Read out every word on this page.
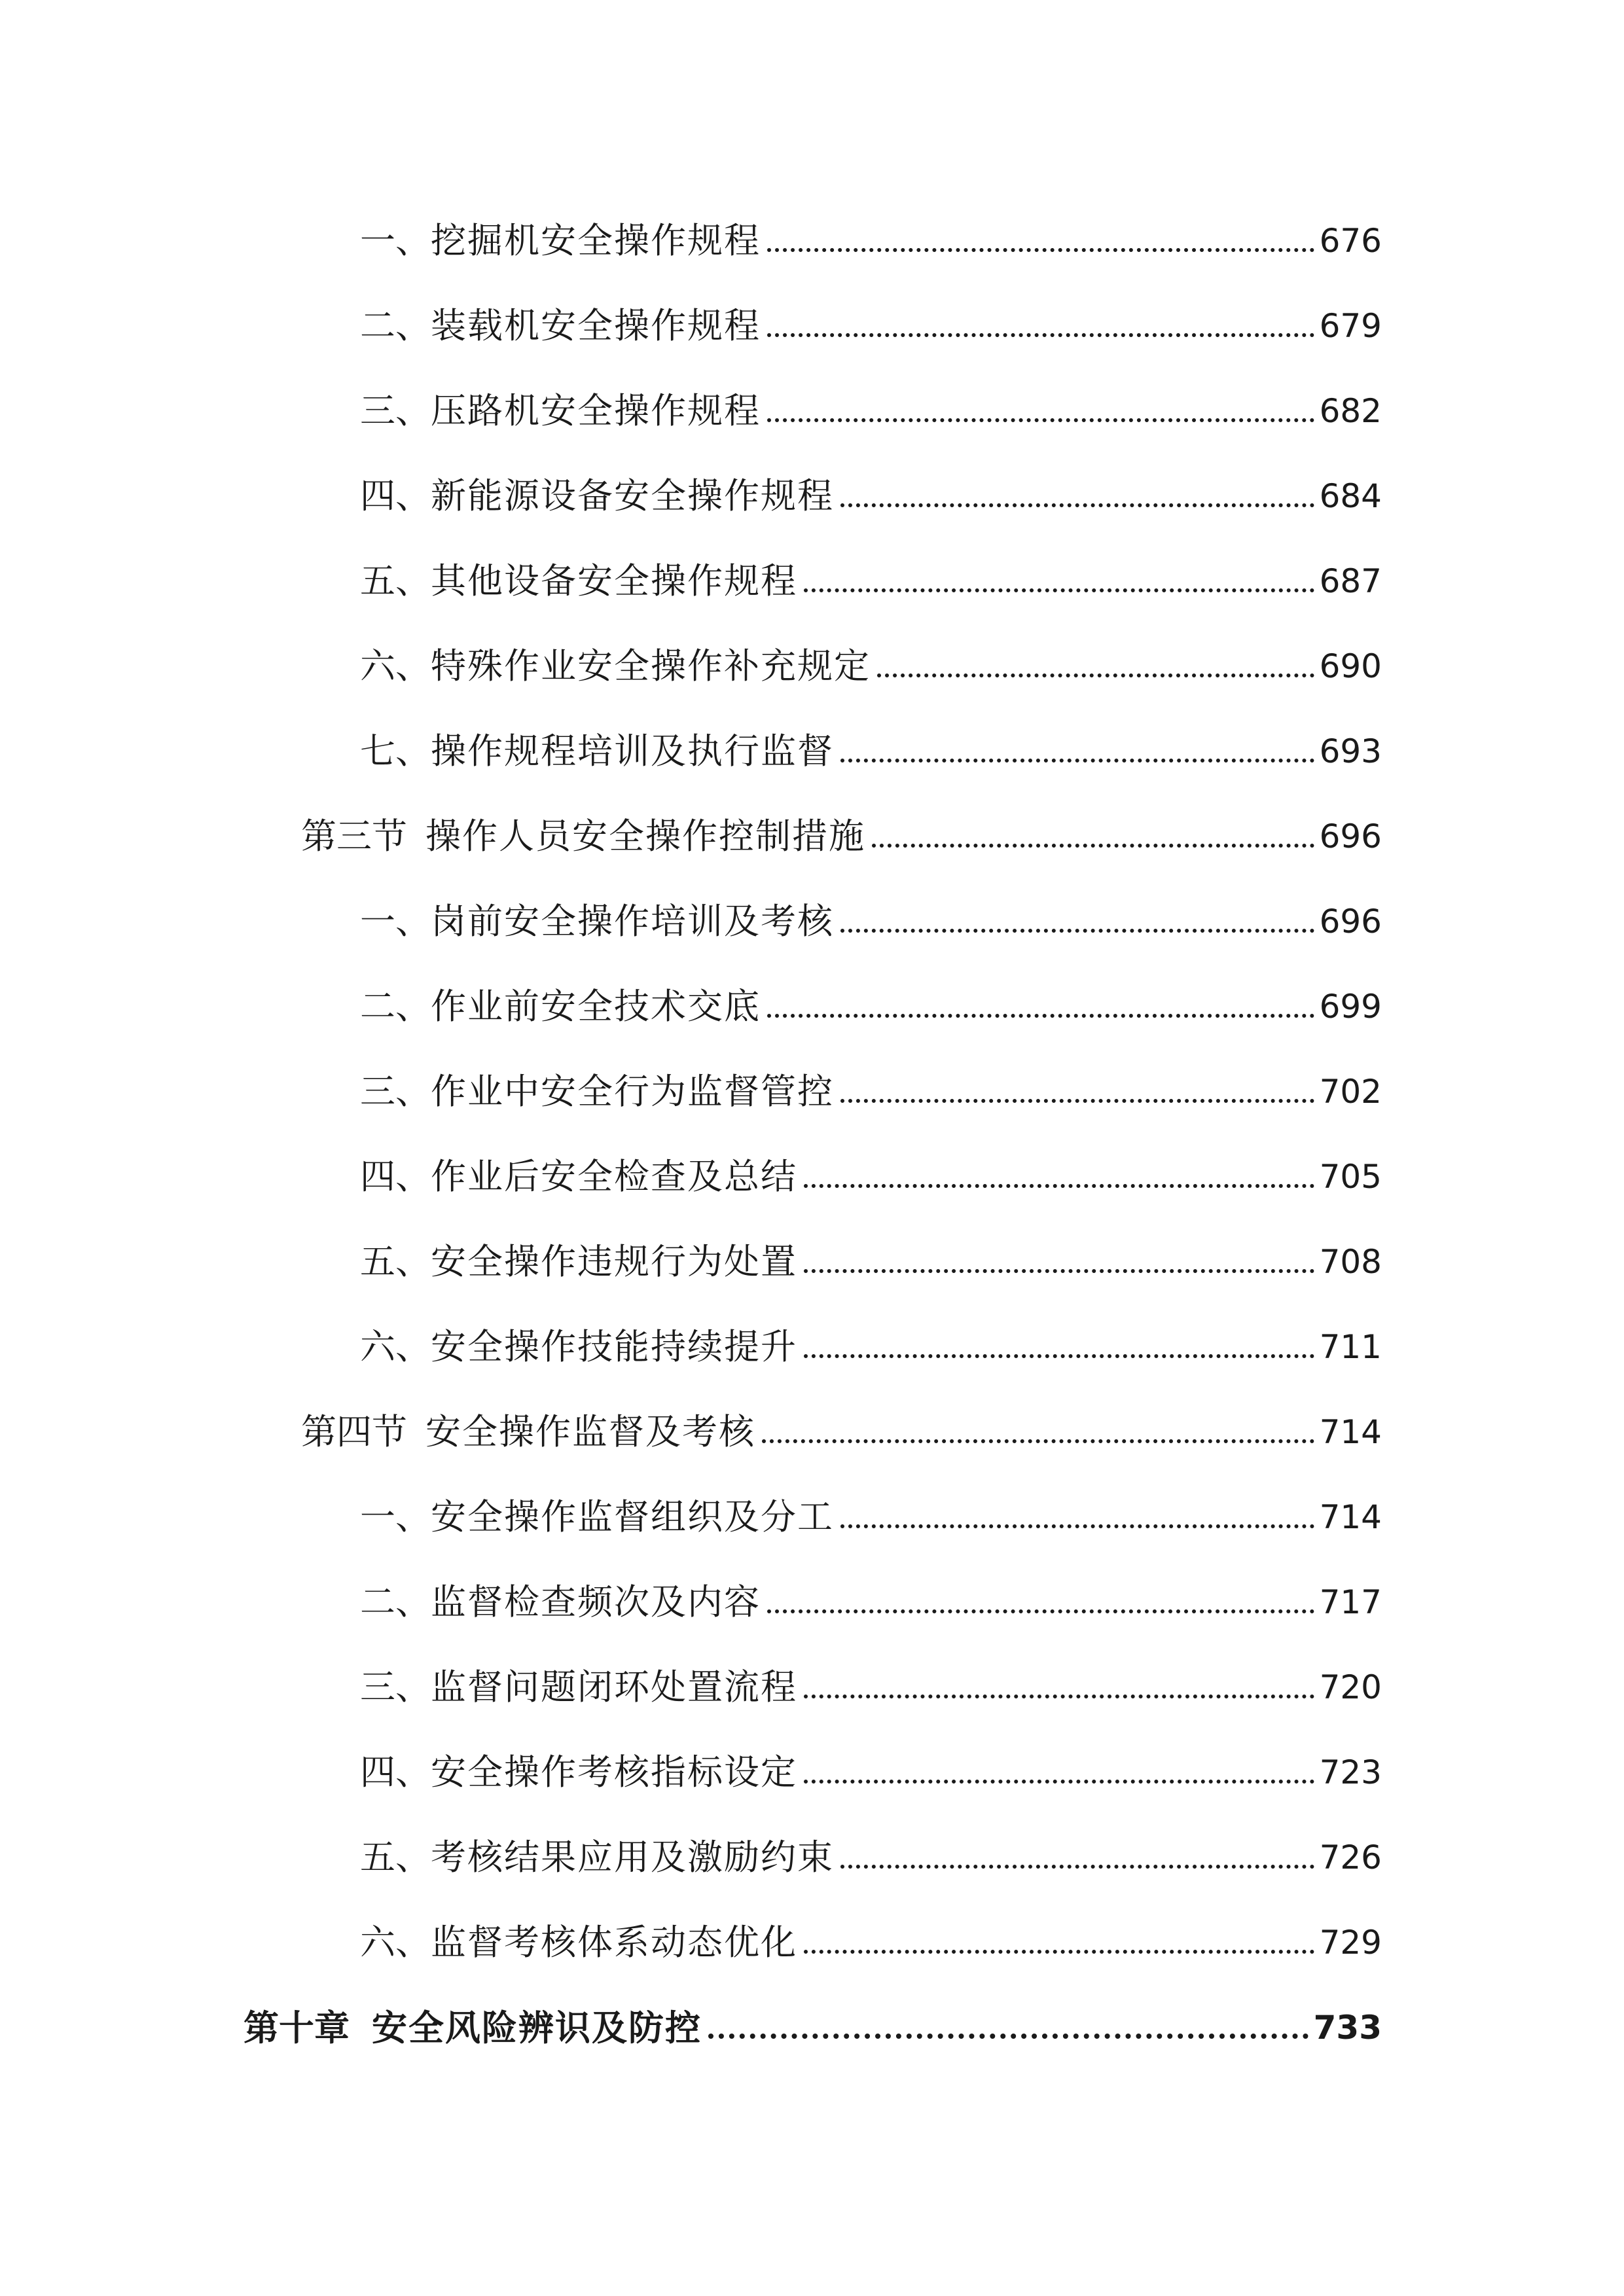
一、 挖掘机安全操作规程	676
二、 装载机安全操作规程	679
三、 压路机安全操作规程	682
四、 新能源设备安全操作规程	684
五、 其他设备安全操作规程	687
六、 特殊作业安全操作补充规定	690
七、 操作规程培训及执行监督	693
第三节 操作人员安全操作控制措施	696
一、 岗前安全操作培训及考核	696
二、 作业前安全技术交底	699
三、 作业中安全行为监督管控	702
四、 作业后安全检查及总结	705
五、 安全操作违规行为处置	708
六、 安全操作技能持续提升	711
第四节 安全操作监督及考核	714
一、 安全操作监督组织及分工	714
二、 监督检查频次及内容	717
三、 监督问题闭环处置流程	720
四、 安全操作考核指标设定	723
五、 考核结果应用及激励约束	726
六、 监督考核体系动态优化	729
第十章 安全风险辨识及防控	733
